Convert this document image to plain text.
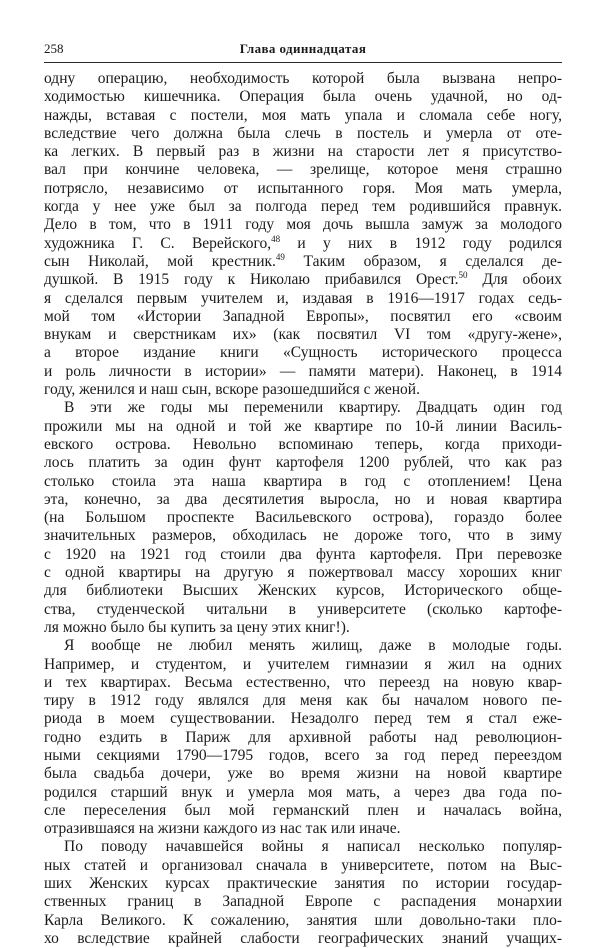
258	Глава одиннадцатая
одну операцию, необходимость которой была вызвана непро-
ходимостью кишечника. Операция была очень удачной, но од-
нажды, вставая с постели, моя мать упала и сломала себе ногу,
вследствие чего должна была слечь в постель и умерла от оте-
ка легких. В первый раз в жизни на старости лет я присутство-
вал при кончине человека, — зрелище, которое меня страшно
потрясло, независимо от испытанного горя. Моя мать умерла,
когда у нее уже был за полгода перед тем родившийся правнук.
Дело в том, что в 1911 году моя дочь вышла замуж за молодого
художника Г. С. Верейского,$^{48}$ и у них в 1912 году родился
сын Николай, мой крестник.$^{49}$ Таким образом, я сделался де-
душкой. В 1915 году к Николаю прибавился Орест.$^{50}$ Для обоих
я сделался первым учителем и, издавая в 1916—1917 годах седь-
мой том «Истории Западной Европы», посвятил его «своим
внукам и сверстникам их» (как посвятил VI том «другу-жене»,
а второе издание книги «Сущность исторического процесса
и роль личности в истории» — памяти матери). Наконец, в 1914
году, женился и наш сын, вскоре разошедшийся с женой.
В эти же годы мы переменили квартиру. Двадцать один год
прожили мы на одной и той же квартире по 10-й линии Василь-
евского острова. Невольно вспоминаю теперь, когда приходи-
лось платить за один фунт картофеля 1200 рублей, что как раз
столько стоила эта наша квартира в год с отоплением! Цена
эта, конечно, за два десятилетия выросла, но и новая квартира
(на Большом проспекте Васильевского острова), гораздо более
значительных размеров, обходилась не дороже того, что в зиму
с 1920 на 1921 год стоили два фунта картофеля. При перевозке
с одной квартиры на другую я пожертвовал массу хороших книг
для библиотеки Высших Женских курсов, Исторического обще-
ства, студенческой читальни в университете (сколько картофе-
ля можно было бы купить за цену этих книг!).
Я вообще не любил менять жилищ, даже в молодые годы.
Например, и студентом, и учителем гимназии я жил на одних
и тех квартирах. Весьма естественно, что переезд на новую квар-
тиру в 1912 году являлся для меня как бы началом нового пе-
риода в моем существовании. Незадолго перед тем я стал еже-
годно ездить в Париж для архивной работы над революцион-
ными секциями 1790—1795 годов, всего за год перед переездом
была свадьба дочери, уже во время жизни на новой квартире
родился старший внук и умерла моя мать, а через два года по-
сле переселения был мой германский плен и началась война,
отразившаяся на жизни каждого из нас так или иначе.
По поводу начавшейся войны я написал несколько популяр-
ных статей и организовал сначала в университете, потом на Выс-
ших Женских курсах практические занятия по истории государ-
ственных границ в Западной Европе с распадения монархии
Карла Великого. К сожалению, занятия шли довольно-таки пло-
хо вследствие крайней слабости географических знаний учащих-
